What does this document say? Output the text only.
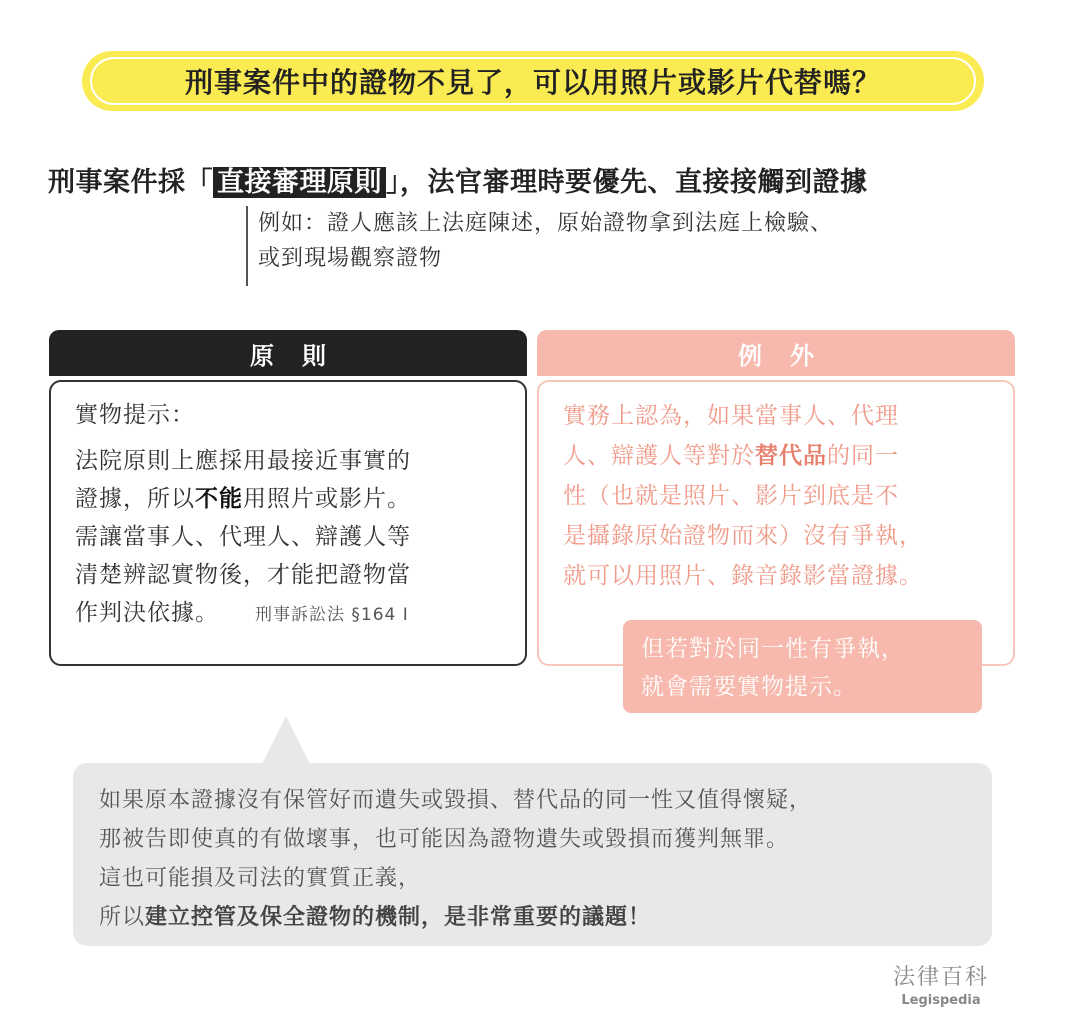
刑事案件中的證物不見了，可以用照片或影片代替嗎？
刑事案件採「 直接審理原則 」，法官審理時要優先、直接接觸到證據
例如：證人應該上法庭陳述，原始證物拿到法庭上檢驗、
或到現場觀察證物
原則	例外
實物提示：
法院原則上應採用最接近事實的
證據，所以不能用照片或影片。
需讓當事人、代理人、辯護人等
清楚辨認實物後，才能把證物當
作判決依據。 刑事訴訟法 §164 I
實務上認為，如果當事人、代理
人、辯護人等對於替代品的同一
性（也就是照片、影片到底是不
是攝錄原始證物而來）沒有爭執，
就可以用照片、錄音錄影當證據。
但若對於同一性有爭執，
就會需要實物提示。
如果原本證據沒有保管好而遺失或毀損、替代品的同一性又值得懷疑，
那被告即使真的有做壞事，也可能因為證物遺失或毀損而獲判無罪。
這也可能損及司法的實質正義，
所以建立控管及保全證物的機制，是非常重要的議題！
法律百科
Legispedia
